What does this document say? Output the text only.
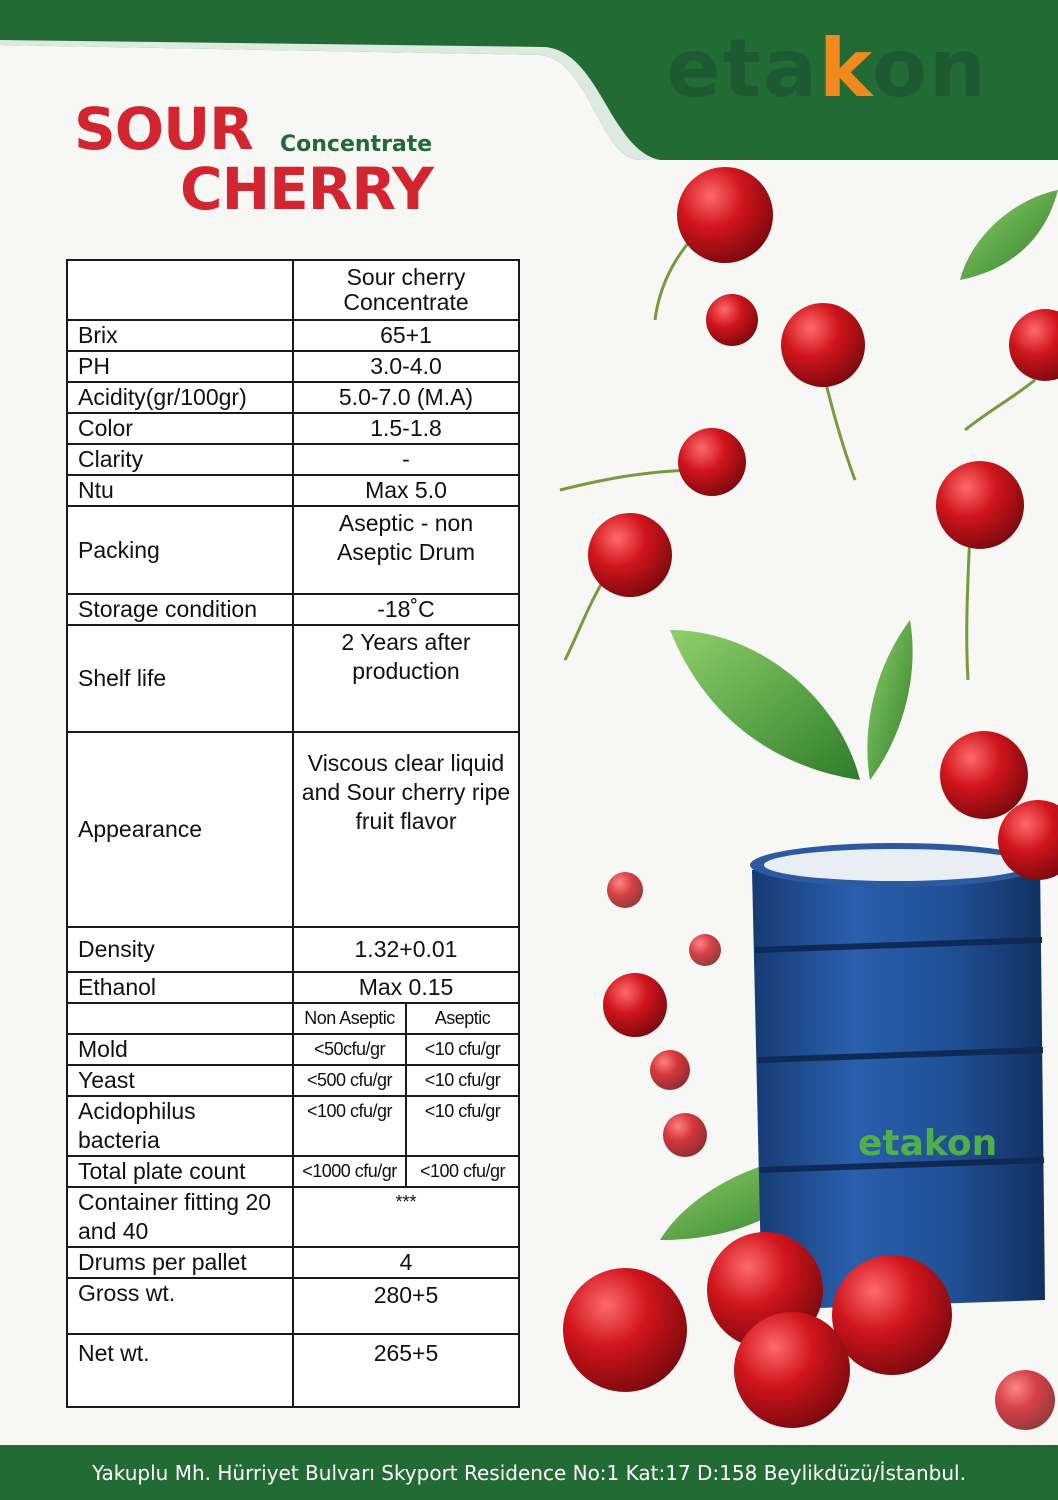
etakon
SOUR
CHERRY
Concentrate
	Sour cherry Concentrate	
Brix	65+1	
PH	3.0-4.0	
Acidity(gr/100gr)	5.0-7.0 (M.A)	
Color	1.5-1.8	
Clarity	-	
Ntu	Max 5.0	
Packing	Aseptic - non Aseptic Drum	
Storage condition	-18˚C	
Shelf life	2 Years after production	
Appearance	Viscous clear liquid and Sour cherry ripe fruit flavor	
Density	1.32+0.01	
Ethanol	Max 0.15	
	Non Aseptic	Aseptic
Mold	<50cfu/gr	<10 cfu/gr
Yeast	<500 cfu/gr	<10 cfu/gr
Acidophilus bacteria	<100 cfu/gr	<10 cfu/gr
Total plate count	<1000 cfu/gr	<100 cfu/gr
Container fitting 20 and 40	***	
Drums per pallet	4	
Gross wt.	280+5	
Net wt.	265+5	
etakon
Yakuplu Mh. Hürriyet Bulvarı Skyport Residence No:1 Kat:17 D:158 Beylikdüzü/İstanbul.
